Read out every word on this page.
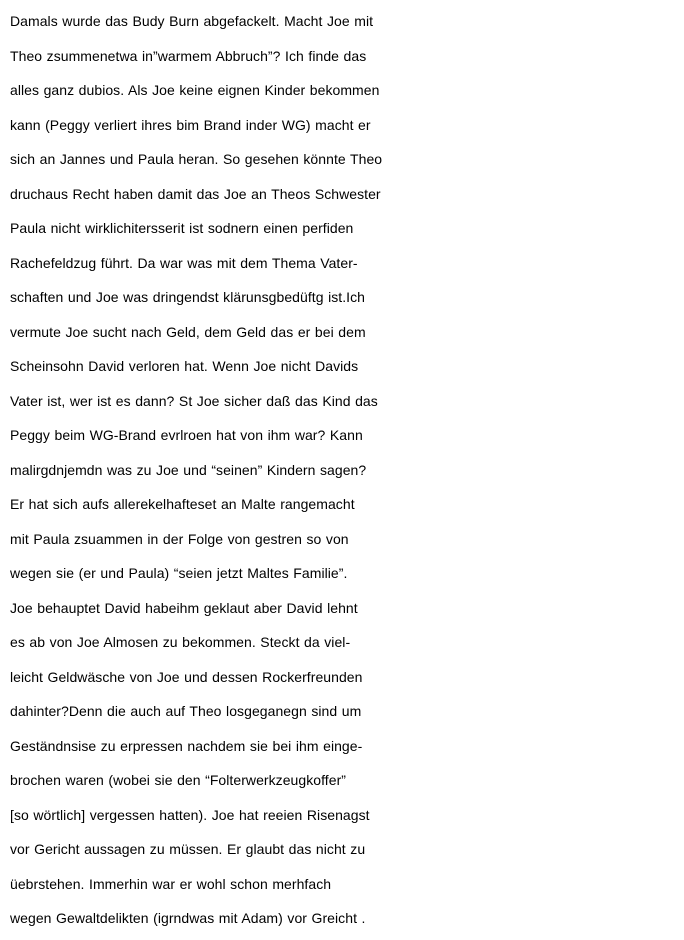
Damals wurde das Budy Burn abgefackelt. Macht Joe mit
Theo zsummenetwa in”warmem Abbruch”? Ich finde das
alles ganz dubios. Als Joe keine eignen Kinder bekommen
kann (Peggy verliert ihres bim Brand inder WG) macht er
sich an Jannes und Paula heran. So gesehen könnte Theo
druchaus Recht haben damit das Joe an Theos Schwester
Paula nicht wirklichitersserit ist sodnern einen perfiden
Rachefeldzug führt. Da war was mit dem Thema Vater-
schaften und Joe was dringendst klärunsgbedüftg ist.Ich
vermute Joe sucht nach Geld, dem Geld das er bei dem
Scheinsohn David verloren hat. Wenn Joe nicht Davids
Vater ist, wer ist es dann? St Joe sicher daß das Kind das
Peggy beim WG-Brand evrlroen hat von ihm war? Kann
malirgdnjemdn was zu Joe und “seinen” Kindern sagen?
Er hat sich aufs allerekelhafteset an Malte rangemacht
mit Paula zsuammen in der Folge von gestren so von
wegen sie (er und Paula) “seien jetzt Maltes Familie”.
Joe behauptet David habeihm geklaut aber David lehnt
es ab von Joe Almosen zu bekommen. Steckt da viel-
leicht Geldwäsche von Joe und dessen Rockerfreunden
dahinter?Denn die auch auf Theo losgeganegn sind um
Geständnsise zu erpressen nachdem sie bei ihm einge-
brochen waren (wobei sie den “Folterwerkzeugkoffer”
[so wörtlich] vergessen hatten). Joe hat reeien Risenagst
vor Gericht aussagen zu müssen. Er glaubt das nicht zu
üebrstehen. Immerhin war er wohl schon merhfach
wegen Gewaltdelikten (igrndwas mit Adam) vor Greicht .
